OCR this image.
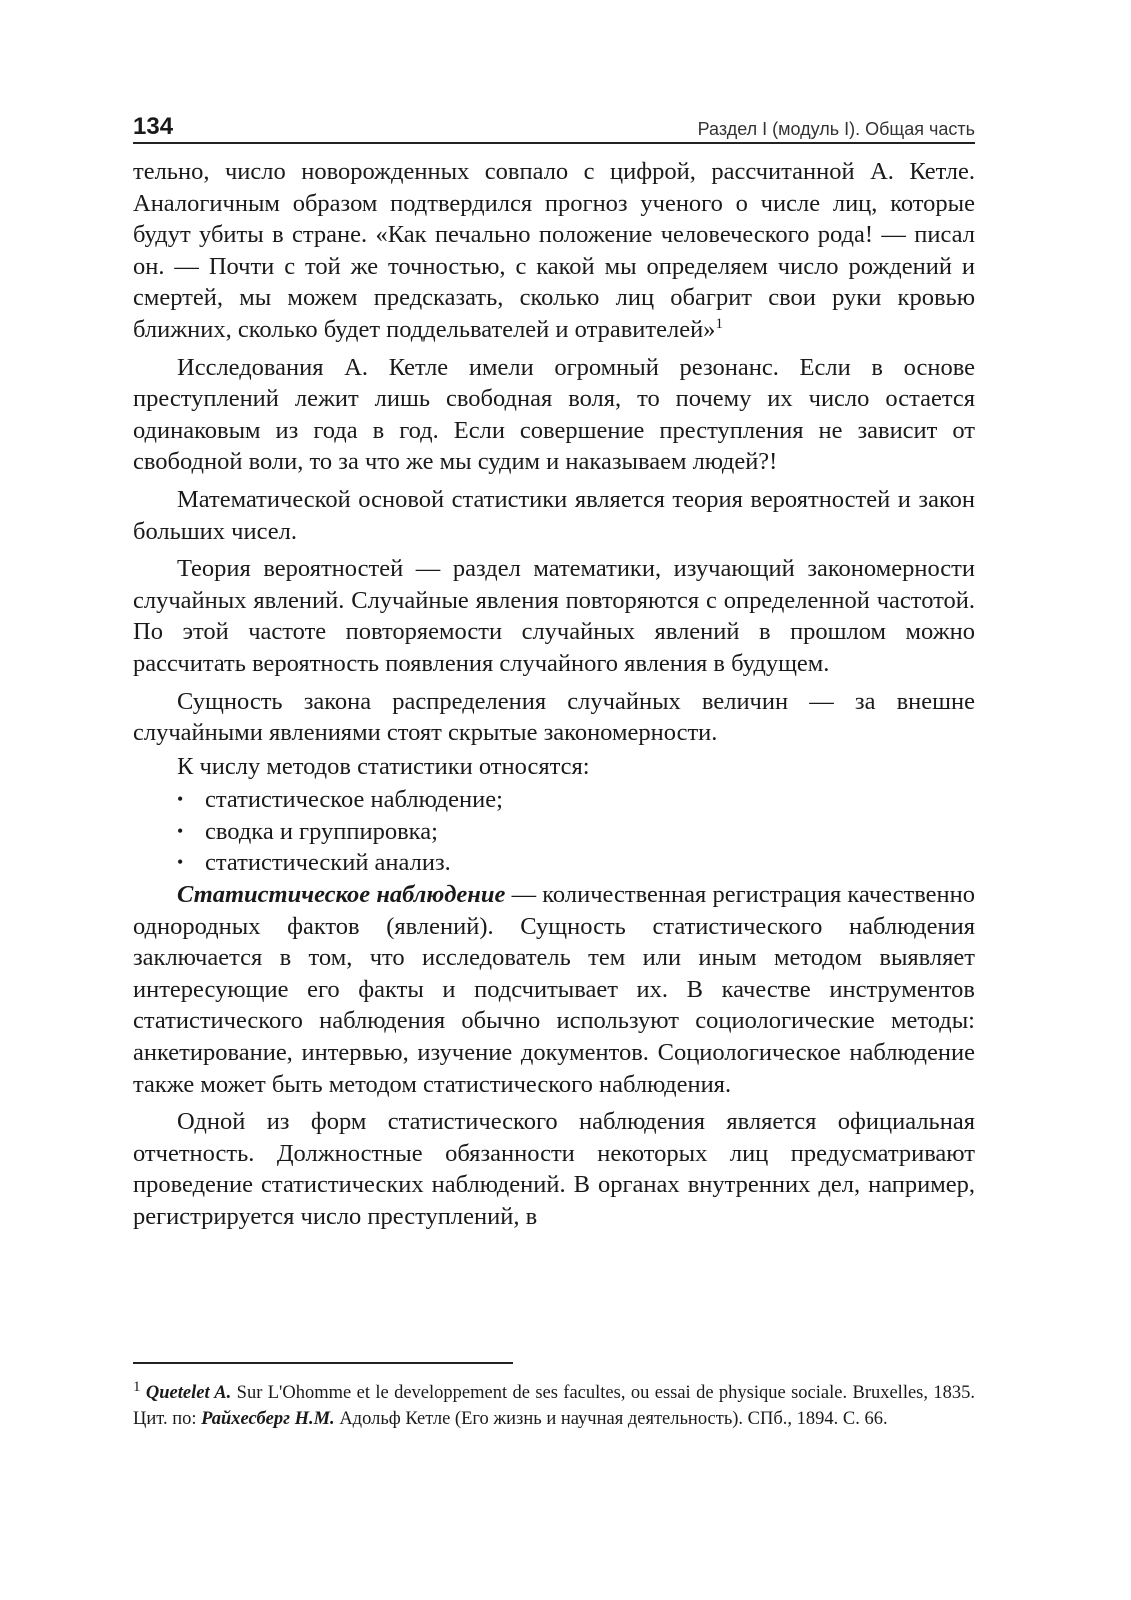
134	Раздел I (модуль I). Общая часть

тельно, число новорожденных совпало с цифрой, рассчитанной А. Кетле. Аналогичным образом подтвердился прогноз ученого о числе лиц, которые будут убиты в стране. «Как печально положение человеческого рода! — писал он. — Почти с той же точностью, с какой мы определяем число рождений и смертей, мы можем предсказать, сколько лиц обагрит свои руки кровью ближних, сколько будет поддельвателей и отравителей»$^1$

Исследования А. Кетле имели огромный резонанс. Если в основе преступлений лежит лишь свободная воля, то почему их число остается одинаковым из года в год. Если совершение преступления не зависит от свободной воли, то за что же мы судим и наказываем людей?!

Математической основой статистики является теория вероятностей и закон больших чисел.

Теория вероятностей — раздел математики, изучающий закономерности случайных явлений. Случайные явления повторяются с определенной частотой. По этой частоте повторяемости случайных явлений в прошлом можно рассчитать вероятность появления случайного явления в будущем.

Сущность закона распределения случайных величин — за внешне случайными явлениями стоят скрытые закономерности.

К числу методов статистики относятся:

• статистическое наблюдение;
• сводка и группировка;
• статистический анализ.

Статистическое наблюдение — количественная регистрация качественно однородных фактов (явлений). Сущность статистического наблюдения заключается в том, что исследователь тем или иным методом выявляет интересующие его факты и подсчитывает их. В качестве инструментов статистического наблюдения обычно используют социологические методы: анкетирование, интервью, изучение документов. Социологическое наблюдение также может быть методом статистического наблюдения.

Одной из форм статистического наблюдения является официальная отчетность. Должностные обязанности некоторых лиц предусматривают проведение статистических наблюдений. В органах внутренних дел, например, регистрируется число преступлений, в

$^1$ Quetelet A. Sur L'Ohomme et le developpement de ses facultes, ou essai de physique sociale. Bruxelles, 1835. Цит. по: Райхесберг Н.М. Адольф Кетле (Его жизнь и научная деятельность). СПб., 1894. С. 66.
